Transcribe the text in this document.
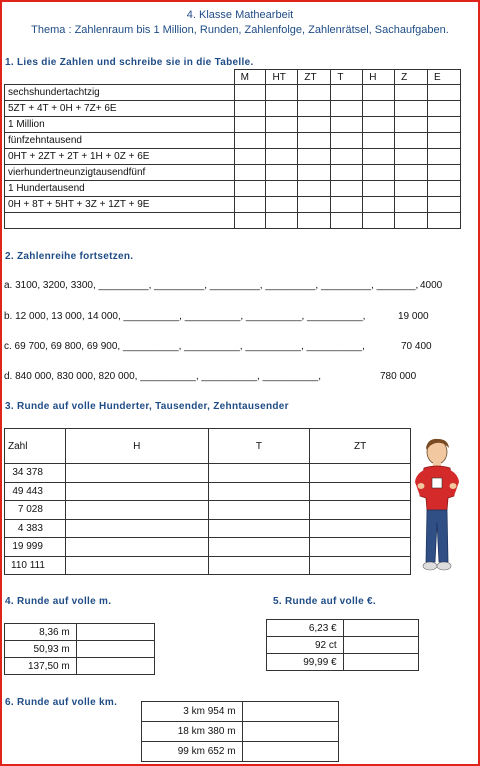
4. Klasse Mathearbeit
Thema : Zahlenraum bis 1 Million, Runden, Zahlenfolge, Zahlenrätsel, Sachaufgaben.
1. Lies die Zahlen und schreibe sie in die Tabelle.
	M	HT	ZT	T	H	Z	E
sechshundertachtzig							
5ZT + 4T + 0H + 7Z+ 6E							
1 Million							
fünfzehntausend							
0HT + 2ZT + 2T + 1H + 0Z + 6E							
vierhundertneunzigtausendfünf							
1 Hundertausend							
0H + 8T + 5HT + 3Z + 1ZT + 9E							

2. Zahlenreihe fortsetzen.
a. 3100, 3200, 3300, _________, _________, _________, _________, _________, _______, 4000
b. 12 000, 13 000, 14 000, __________, __________, __________, __________,	19 000
c. 69 700, 69 800, 69 900, __________, __________, __________, __________,	70 400
d. 840 000, 830 000, 820 000, __________, __________, __________,	780 000
3. Runde auf volle Hunderter, Tausender, Zehntausender
Zahl	H	T	ZT
34 378			
49 443			
7 028			
4 383			
19 999			
110 111			
4. Runde auf volle m.
8,36 m	
50,93 m	
137,50 m	
5. Runde auf volle €.
6,23 €	
92 ct	
99,99 €	
6. Runde auf volle km.
3 km 954 m	
18 km 380 m	
99 km 652 m	
